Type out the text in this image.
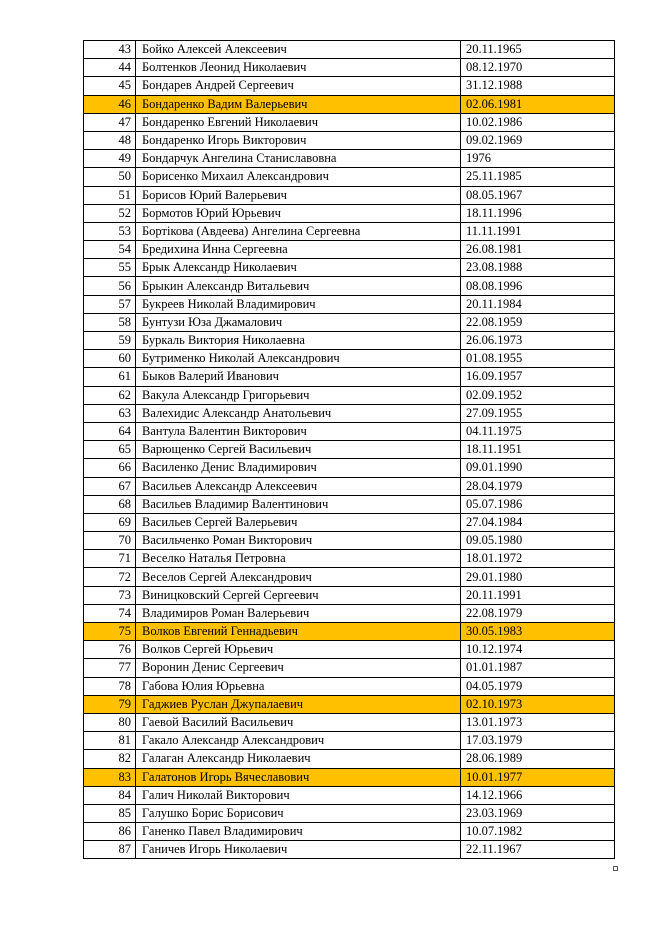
43	Бойко Алексей Алексеевич	20.11.1965
44	Болтенков Леонид Николаевич	08.12.1970
45	Бондарев Андрей Сергеевич	31.12.1988
46	Бондаренко Вадим Валерьевич	02.06.1981
47	Бондаренко Евгений Николаевич	10.02.1986
48	Бондаренко Игорь Викторович	09.02.1969
49	Бондарчук Ангелина Станиславовна	1976
50	Борисенко Михаил Александрович	25.11.1985
51	Борисов Юрий Валерьевич	08.05.1967
52	Бормотов Юрий Юрьевич	18.11.1996
53	Бортікова (Авдеева) Ангелина Сергеевна	11.11.1991
54	Бредихина Инна Сергеевна	26.08.1981
55	Брык Александр Николаевич	23.08.1988
56	Брыкин Александр Витальевич	08.08.1996
57	Букреев Николай Владимирович	20.11.1984
58	Бунтузи Юза Джамалович	22.08.1959
59	Буркаль Виктория Николаевна	26.06.1973
60	Бутрименко Николай Александрович	01.08.1955
61	Быков Валерий Иванович	16.09.1957
62	Вакула Александр Григорьевич	02.09.1952
63	Валехидис Александр Анатольевич	27.09.1955
64	Вантула Валентин Викторович	04.11.1975
65	Варющенко Сергей Васильевич	18.11.1951
66	Василенко Денис Владимирович	09.01.1990
67	Васильев Александр Алексеевич	28.04.1979
68	Васильев Владимир Валентинович	05.07.1986
69	Васильев Сергей Валерьевич	27.04.1984
70	Васильченко Роман Викторович	09.05.1980
71	Веселко Наталья Петровна	18.01.1972
72	Веселов Сергей Александрович	29.01.1980
73	Виницковский Сергей Сергеевич	20.11.1991
74	Владимиров Роман Валерьевич	22.08.1979
75	Волков Евгений Геннадьевич	30.05.1983
76	Волков Сергей Юрьевич	10.12.1974
77	Воронин Денис Сергеевич	01.01.1987
78	Габова Юлия Юрьевна	04.05.1979
79	Гаджиев Руслан Джупалаевич	02.10.1973
80	Гаевой Василий Васильевич	13.01.1973
81	Гакало Александр Александрович	17.03.1979
82	Галаган Александр Николаевич	28.06.1989
83	Галатонов Игорь Вячеславович	10.01.1977
84	Галич Николай Викторович	14.12.1966
85	Галушко Борис Борисович	23.03.1969
86	Ганенко Павел Владимирович	10.07.1982
87	Ганичев Игорь Николаевич	22.11.1967
